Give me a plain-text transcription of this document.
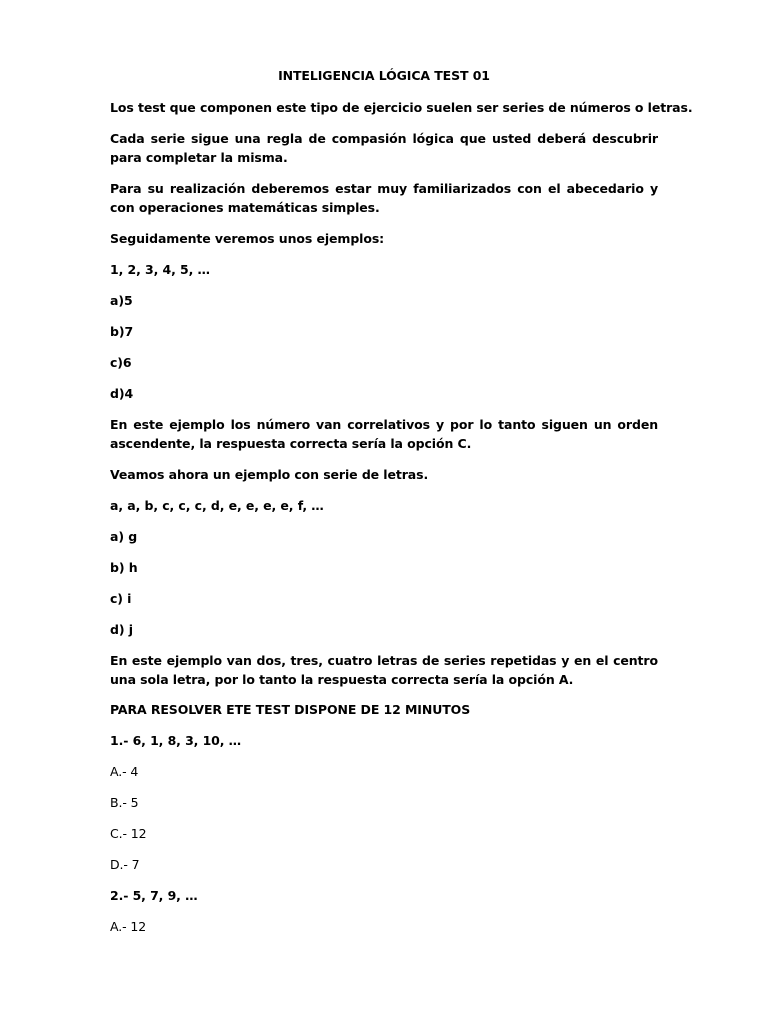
INTELIGENCIA LÓGICA TEST 01
Los test que componen este tipo de ejercicio suelen ser series de números o letras.
Cada serie sigue una regla de compasión lógica que usted deberá descubrir para completar la misma.
Para su realización deberemos estar muy familiarizados con el abecedario y con operaciones matemáticas simples.
Seguidamente veremos unos ejemplos:
1, 2, 3, 4, 5, …
a)5
b)7
c)6
d)4
En este ejemplo los número van correlativos y por lo tanto siguen un orden ascendente, la respuesta correcta sería la opción C.
Veamos ahora un ejemplo con serie de letras.
a, a, b, c, c, c, d, e, e, e, e, f, …
a) g
b) h
c) i
d) j
En este ejemplo van dos, tres, cuatro letras de series repetidas y en el centro una sola letra, por lo tanto la respuesta correcta sería la opción A.
PARA RESOLVER ETE TEST DISPONE DE 12 MINUTOS
1.- 6, 1, 8, 3, 10, …
A.- 4
B.- 5
C.- 12
D.- 7
2.- 5, 7, 9, …
A.- 12
